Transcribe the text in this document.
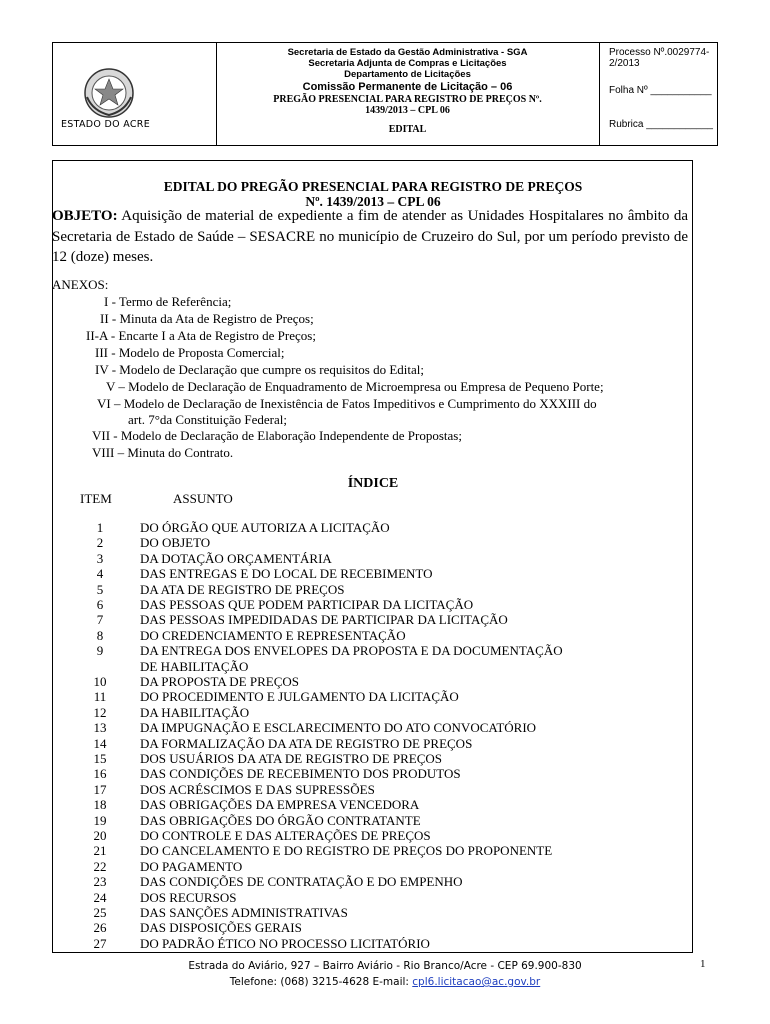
ESTADO DO ACRE
Secretaria de Estado da Gestão Administrativa - SGA
Secretaria Adjunta de Compras e Licitações
Departamento de Licitações
Comissão Permanente de Licitação – 06
PREGÃO PRESENCIAL PARA REGISTRO DE PREÇOS Nº.
1439/2013 – CPL 06
EDITAL
Processo Nº.0029774-2/2013
Folha Nº ___________
Rubrica ____________
EDITAL DO PREGÃO PRESENCIAL PARA REGISTRO DE PREÇOS
Nº. 1439/2013 – CPL 06
OBJETO: Aquisição de material de expediente a fim de atender as Unidades Hospitalares no âmbito da Secretaria de Estado de Saúde – SESACRE no município de Cruzeiro do Sul, por um período previsto de 12 (doze) meses.
ANEXOS:
I - Termo de Referência;
II - Minuta da Ata de Registro de Preços;
II-A - Encarte I a Ata de Registro de Preços;
III - Modelo de Proposta Comercial;
IV - Modelo de Declaração que cumpre os requisitos do Edital;
V – Modelo de Declaração de Enquadramento de Microempresa ou Empresa de Pequeno Porte;
VI – Modelo de Declaração de Inexistência de Fatos Impeditivos e Cumprimento do XXXIII do
art. 7°da Constituição Federal;
VII - Modelo de Declaração de Elaboração Independente de Propostas;
VIII – Minuta do Contrato.
ÍNDICE
ITEM	ASSUNTO
1	DO ÓRGÃO QUE AUTORIZA A LICITAÇÃO
2	DO OBJETO
3	DA DOTAÇÃO ORÇAMENTÁRIA
4	DAS ENTREGAS E DO LOCAL DE RECEBIMENTO
5	DA ATA DE REGISTRO DE PREÇOS
6	DAS PESSOAS QUE PODEM PARTICIPAR DA LICITAÇÃO
7	DAS PESSOAS IMPEDIDADAS DE PARTICIPAR DA LICITAÇÃO
8	DO CREDENCIAMENTO E REPRESENTAÇÃO
9	DA ENTREGA DOS ENVELOPES DA PROPOSTA E DA DOCUMENTAÇÃO
DE HABILITAÇÃO
10	DA PROPOSTA DE PREÇOS
11	DO PROCEDIMENTO E JULGAMENTO DA LICITAÇÃO
12	DA HABILITAÇÃO
13	DA IMPUGNAÇÃO E ESCLARECIMENTO DO ATO CONVOCATÓRIO
14	DA FORMALIZAÇÃO DA ATA DE REGISTRO DE PREÇOS
15	DOS USUÁRIOS DA ATA DE REGISTRO DE PREÇOS
16	DAS CONDIÇÕES DE RECEBIMENTO DOS PRODUTOS
17	DOS ACRÉSCIMOS E DAS SUPRESSÕES
18	DAS OBRIGAÇÕES DA EMPRESA VENCEDORA
19	DAS OBRIGAÇÕES DO ÓRGÃO CONTRATANTE
20	DO CONTROLE E DAS ALTERAÇÕES DE PREÇOS
21	DO CANCELAMENTO E DO REGISTRO DE PREÇOS DO PROPONENTE
22	DO PAGAMENTO
23	DAS CONDIÇÕES DE CONTRATAÇÃO E DO EMPENHO
24	DOS RECURSOS
25	DAS SANÇÕES ADMINISTRATIVAS
26	DAS DISPOSIÇÕES GERAIS
27	DO PADRÃO ÉTICO NO PROCESSO LICITATÓRIO
Estrada do Aviário, 927 – Bairro Aviário - Rio Branco/Acre - CEP 69.900-830
Telefone: (068) 3215-4628 E-mail: cpl6.licitacao@ac.gov.br
1
